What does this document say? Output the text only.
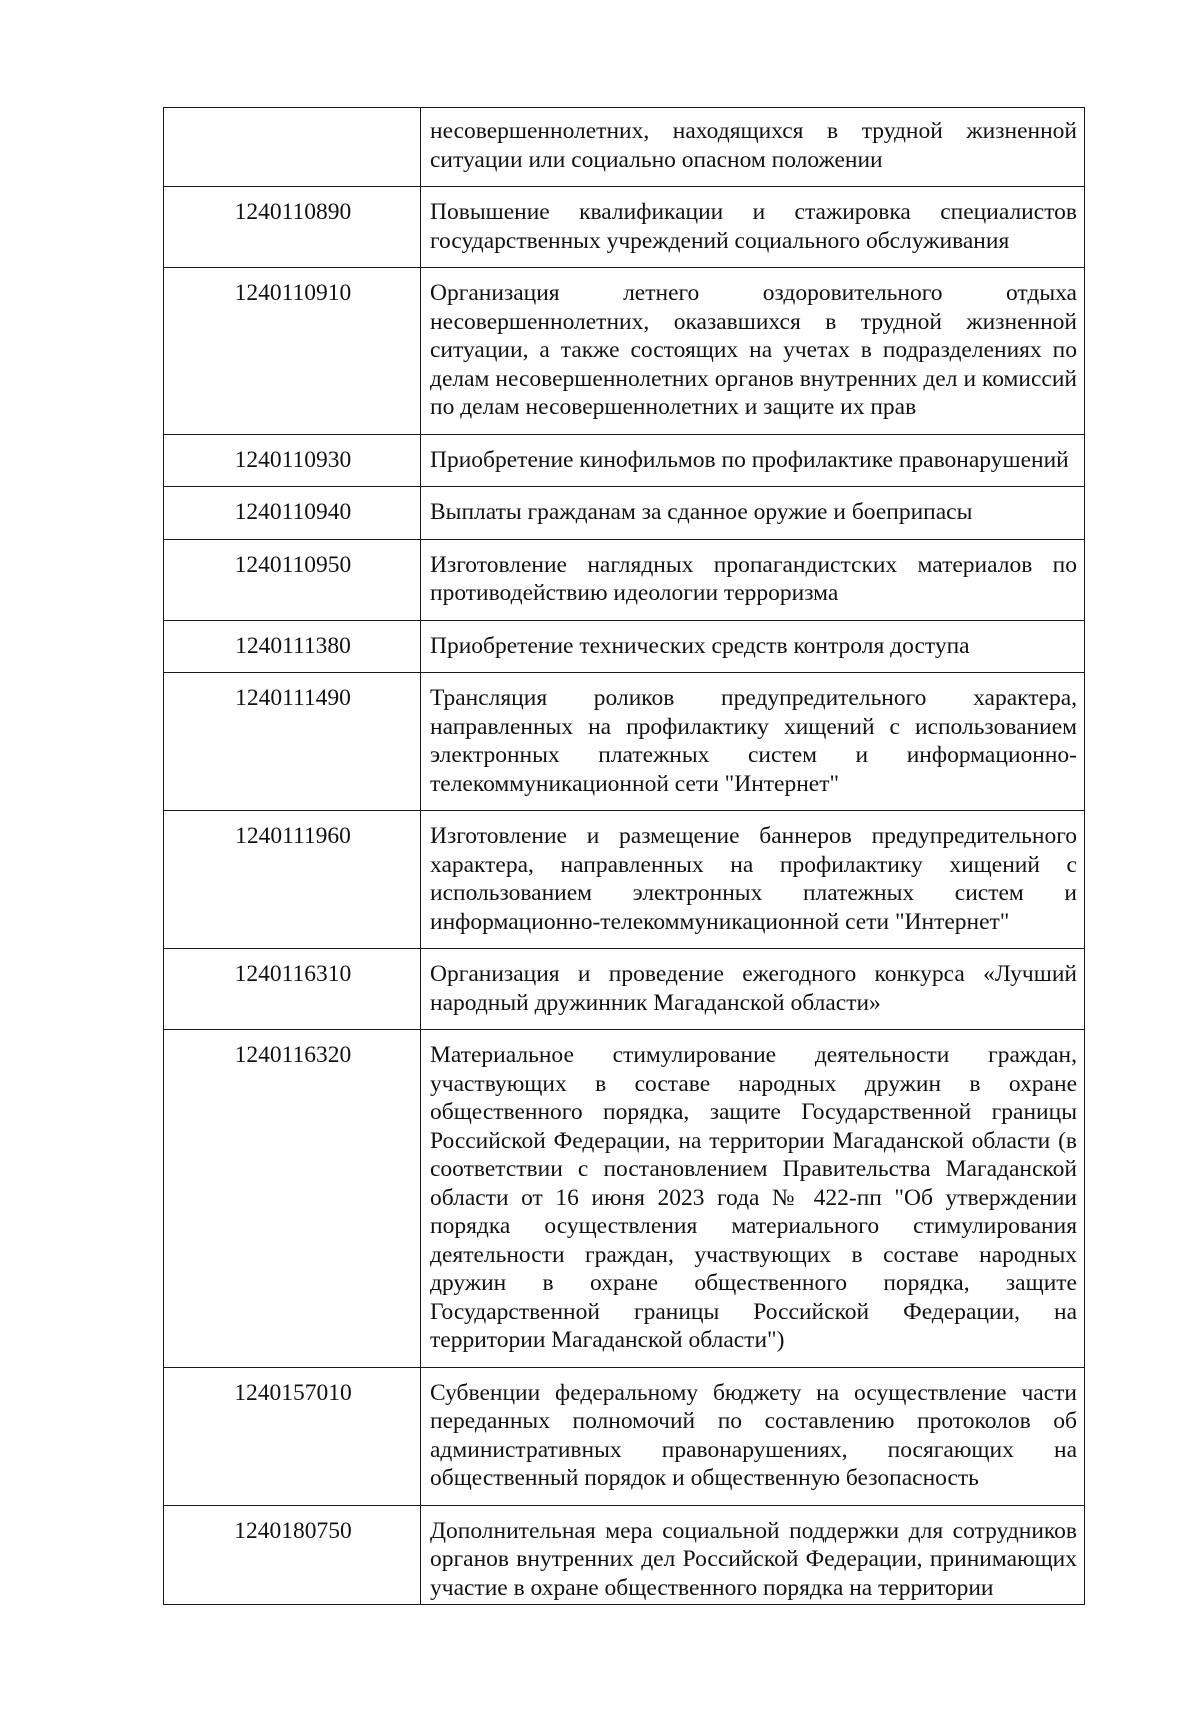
	несовершеннолетних, находящихся в трудной жизненной ситуации или социально опасном положении
1240110890	Повышение квалификации и стажировка специалистов государственных учреждений социального обслуживания
1240110910	Организация летнего оздоровительного отдыха несовершеннолетних, оказавшихся в трудной жизненной ситуации, а также состоящих на учетах в подразделениях по делам несовершеннолетних органов внутренних дел и комиссий по делам несовершеннолетних и защите их прав
1240110930	Приобретение кинофильмов по профилактике правонарушений
1240110940	Выплаты гражданам за сданное оружие и боеприпасы
1240110950	Изготовление наглядных пропагандистских материалов по противодействию идеологии терроризма
1240111380	Приобретение технических средств контроля доступа
1240111490	Трансляция роликов предупредительного характера, направленных на профилактику хищений с использованием электронных платежных систем и информационно-телекоммуникационной сети "Интернет"
1240111960	Изготовление и размещение баннеров предупредительного характера, направленных на профилактику хищений с использованием электронных платежных систем и информационно-телекоммуникационной сети "Интернет"
1240116310	Организация и проведение ежегодного конкурса «Лучший народный дружинник Магаданской области»
1240116320	Материальное стимулирование деятельности граждан, участвующих в составе народных дружин в охране общественного порядка, защите Государственной границы Российской Федерации, на территории Магаданской области (в соответствии с постановлением Правительства Магаданской области от 16 июня 2023 года № 422-пп "Об утверждении порядка осуществления материального стимулирования деятельности граждан, участвующих в составе народных дружин в охране общественного порядка, защите Государственной границы Российской Федерации, на территории Магаданской области")
1240157010	Субвенции федеральному бюджету на осуществление части переданных полномочий по составлению протоколов об административных правонарушениях, посягающих на общественный порядок и общественную безопасность
1240180750	Дополнительная мера социальной поддержки для сотрудников органов внутренних дел Российской Федерации, принимающих участие в охране общественного порядка на территории
